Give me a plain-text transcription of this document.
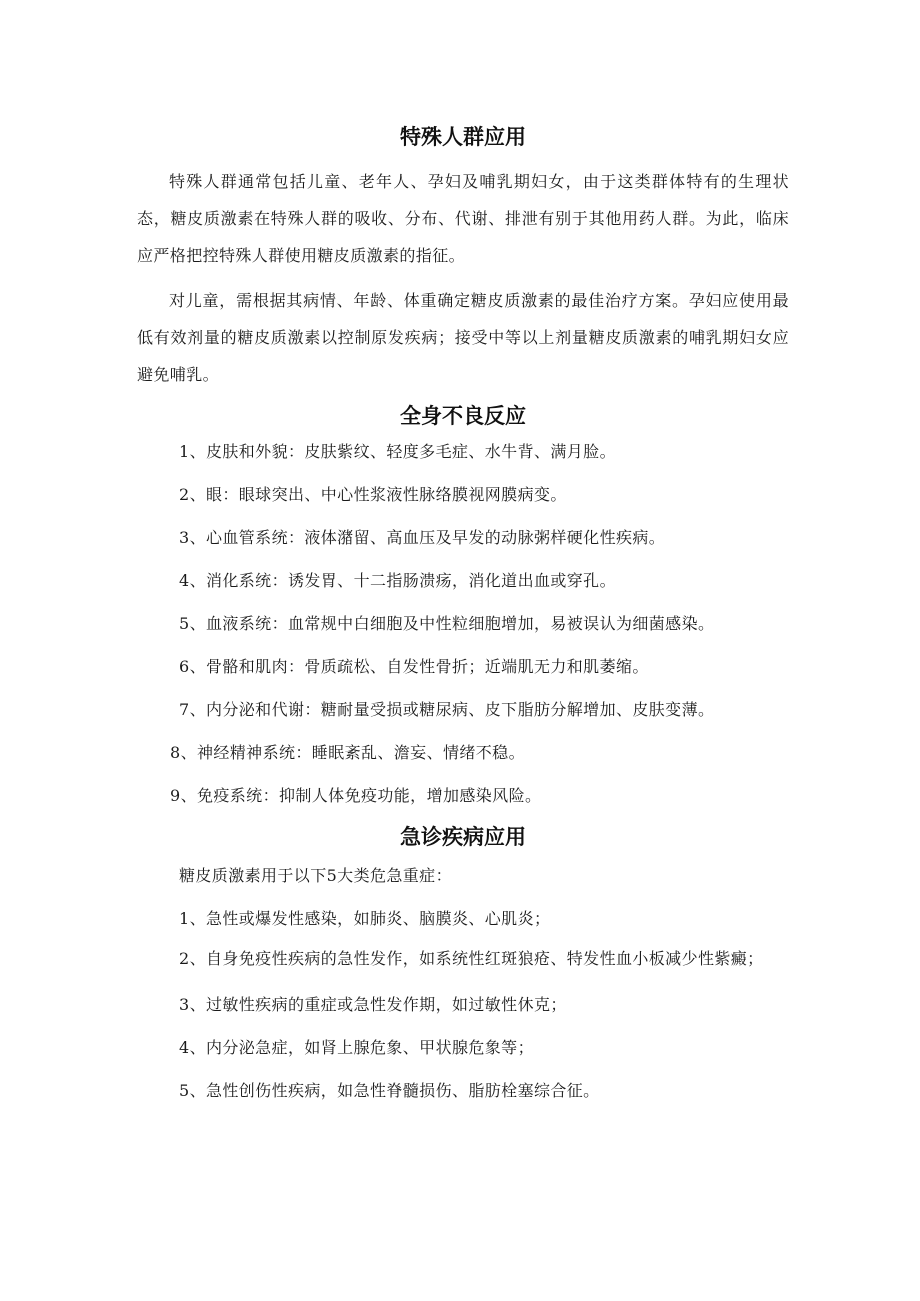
特殊人群应用

特殊人群通常包括儿童、老年人、孕妇及哺乳期妇女，由于这类群体特有的生理状态，糖皮质激素在特殊人群的吸收、分布、代谢、排泄有别于其他用药人群。为此，临床应严格把控特殊人群使用糖皮质激素的指征。

对儿童，需根据其病情、年龄、体重确定糖皮质激素的最佳治疗方案。孕妇应使用最低有效剂量的糖皮质激素以控制原发疾病；接受中等以上剂量糖皮质激素的哺乳期妇女应避免哺乳。

全身不良反应

1、皮肤和外貌：皮肤紫纹、轻度多毛症、水牛背、满月脸。

2、眼：眼球突出、中心性浆液性脉络膜视网膜病变。

3、心血管系统：液体潴留、高血压及早发的动脉粥样硬化性疾病。

4、消化系统：诱发胃、十二指肠溃疡，消化道出血或穿孔。

5、血液系统：血常规中白细胞及中性粒细胞增加，易被误认为细菌感染。

6、骨骼和肌肉：骨质疏松、自发性骨折；近端肌无力和肌萎缩。

7、内分泌和代谢：糖耐量受损或糖尿病、皮下脂肪分解增加、皮肤变薄。

8、神经精神系统：睡眠紊乱、澹妄、情绪不稳。

9、免疫系统：抑制人体免疫功能，增加感染风险。

急诊疾病应用

糖皮质激素用于以下5大类危急重症：

1、急性或爆发性感染，如肺炎、脑膜炎、心肌炎；

2、自身免疫性疾病的急性发作，如系统性红斑狼疮、特发性血小板减少性紫癜；

3、过敏性疾病的重症或急性发作期，如过敏性休克；

4、内分泌急症，如肾上腺危象、甲状腺危象等；

5、急性创伤性疾病，如急性脊髓损伤、脂肪栓塞综合征。
